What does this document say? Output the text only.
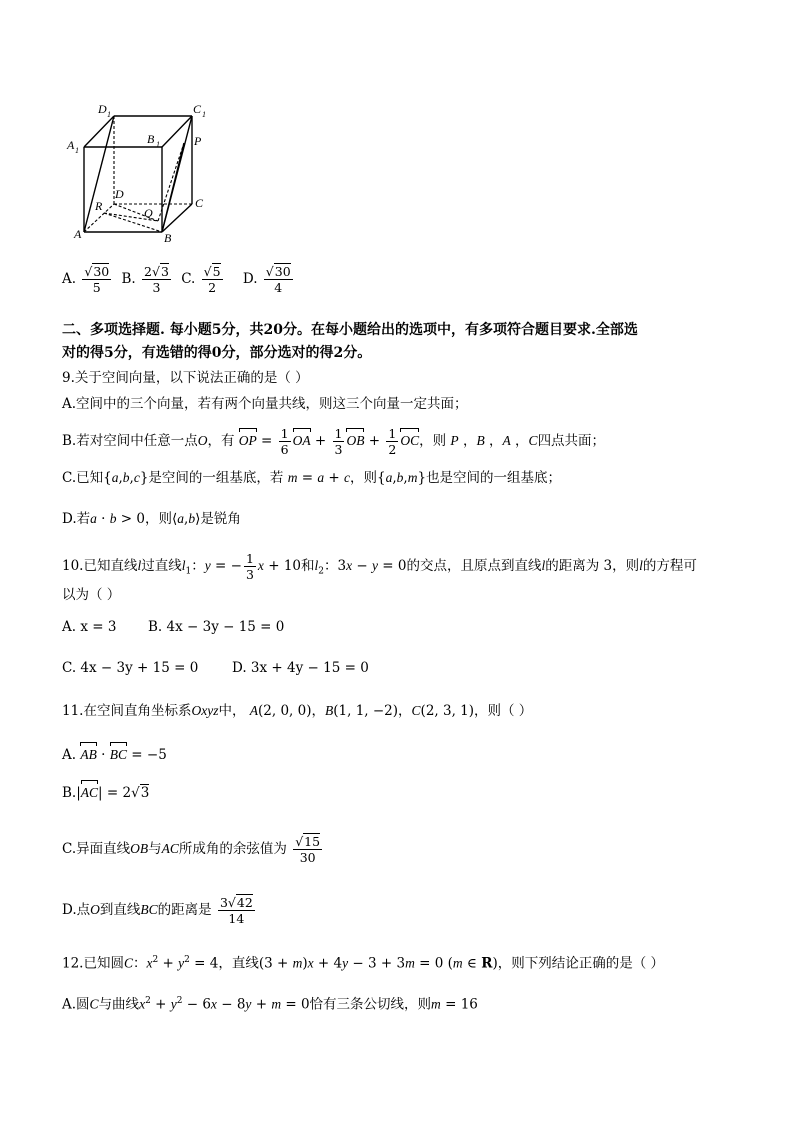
D 1	C 1
A 1
B 1	P
D
C
R	Q
A	B
A. $\frac{√30}{5} B$. $\frac{2√3}{3} C$. $\frac{√5}{2} D$. $\frac{√30}{4}$
二、多项选择题. 每小题5分，共20分。在每小题给出的选项中，有多项符合题目要求.全部选
对的得5分，有选错的得0分，部分选对的得2分。
9.关于空间向量，以下说法正确的是（ ）
A.空间中的三个向量，若有两个向量共线，则这三个向量一定共面；
B.若对空间中任意一点O，有 OP = $\frac{1}{6}$ OA + $\frac{1}{3}$ OB + $\frac{1}{2}$ OC，则 P ，B ，A ，C四点共面；
C.已知{a,b,c}是空间的一组基底，若 m = a + c，则{a,b,m}也是空间的一组基底；
D.若a · b > 0，则⟨a,b⟩是锐角
10.已知直线l过直线$l_1$：y = − $\frac{1}{3}$ x + 10和$l_2$：3x − y = 0的交点，且原点到直线l的距离为 3，则l的方程可
以为（ ）
A. x = 3 B. 4x − 3y − 15 = 0
C. 4x − 3y + 15 = 0 D. 3x + 4y − 15 = 0
11.在空间直角坐标系Oxyz中， A(2, 0, 0)，B(1, 1, −2)，C(2, 3, 1)，则（ ）
A. AB · BC = −5
B.|AC| = 2√3
C.异面直线OB与AC所成角的余弦值为 $\frac{√15}{30}$
D.点O到直线BC的距离是 $\frac{3√42}{14}$
12.已知圆C：$x^2 + y^2 = 4$，直线(3 + m)x + 4y − 3 + 3m = 0 (m ∈ R)，则下列结论正确的是（ ）
A.圆C与曲线$x^2 + y^2 - 6x - 8y + m = 0$恰有三条公切线，则m = 16
